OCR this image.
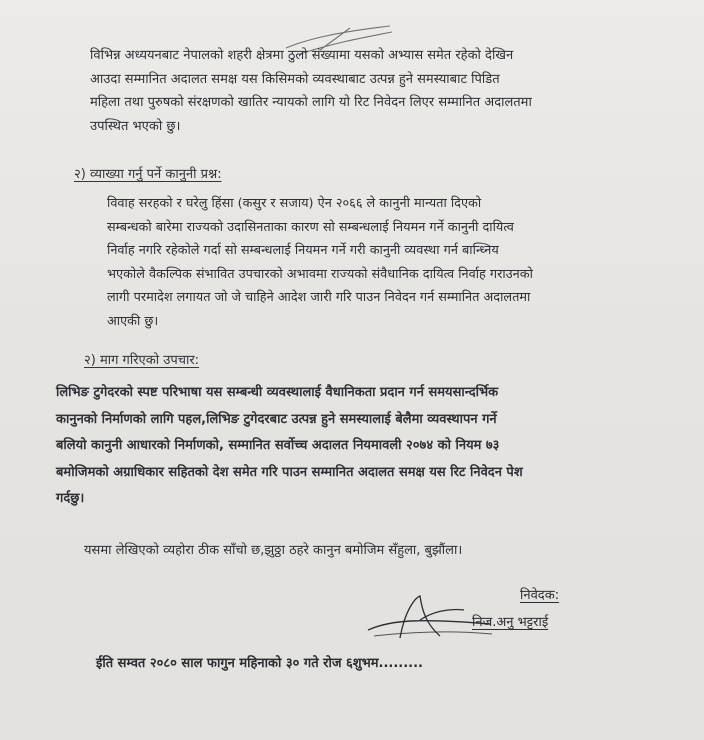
विभिन्न अध्ययनबाट नेपालको शहरी क्षेत्रमा ठुलो संख्यामा यसको अभ्यास समेत रहेको देखिन
आउदा सम्मानित अदालत समक्ष यस किसिमको व्यवस्थाबाट उत्पन्न हुने समस्याबाट पिडित
महिला तथा पुरुषको संरक्षणको खातिर न्यायको लागि यो रिट निवेदन लिएर सम्मानित अदालतमा
उपस्थित भएको छु।
२) व्याख्या गर्नु पर्ने कानुनी प्रश्न:
विवाह सरहको र घरेलु हिंसा (कसुर र सजाय) ऐन २०६६ ले कानुनी मान्यता दिएको
सम्बन्धको बारेमा राज्यको उदासिनताका कारण सो सम्बन्धलाई नियमन गर्ने कानुनी दायित्व
निर्वाह नगरि रहेकोले गर्दा सो सम्बन्धलाई नियमन गर्ने गरी कानुनी व्यवस्था गर्न बान्ध्निय
भएकोले वैकल्पिक संभावित उपचारको अभावमा राज्यको संवैधानिक दायित्व निर्वाह गराउनको
लागी परमादेश लगायत जो जे चाहिने आदेश जारी गरि पाउन निवेदन गर्न सम्मानित अदालतमा
आएकी छु।
२) माग गरिएको उपचार:
लिभिङ टुगेदरको स्पष्ट परिभाषा यस सम्बन्धी व्यवस्थालाई वैधानिकता प्रदान गर्न समयसान्दर्भिक
कानुनको निर्माणको लागि पहल,लिभिङ टुगेदरबाट उत्पन्न हुने समस्यालाई बेलैमा व्यवस्थापन गर्ने
बलियो कानुनी आधारको निर्माणको, सम्मानित सर्वोच्च अदालत नियमावली २०७४ को नियम ७३
बमोजिमको अग्राधिकार सहितको देश समेत गरि पाउन सम्मानित अदालत समक्ष यस रिट निवेदन पेश
गर्दछु।
यसमा लेखिएको व्यहोरा ठीक साँचो छ,झुठ्ठा ठहरे कानुन बमोजिम सँहुला, बुझौंला।
निवेदक:
निज.अनु भट्टराई
ईति सम्वत २०८० साल फागुन महिनाको ३० गते रोज ६शुभम.........
